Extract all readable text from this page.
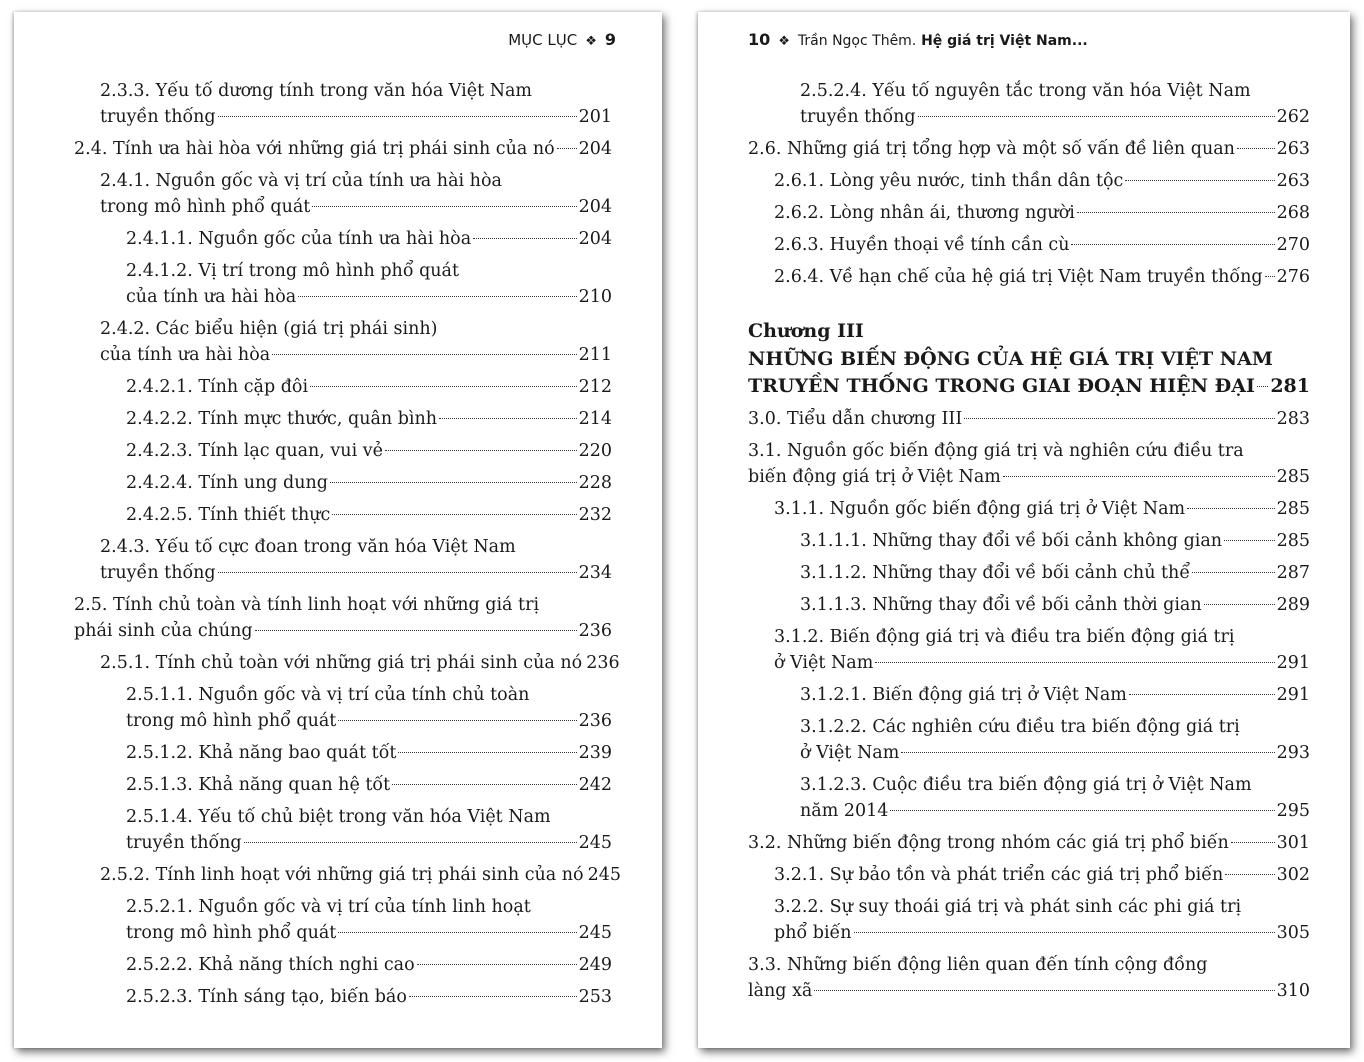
MỤC LỤC ❖ 9
2.3.3. Yếu tố dương tính trong văn hóa Việt Nam
truyền thống	201
2.4. Tính ưa hài hòa với những giá trị phái sinh của nó 204
2.4.1. Nguồn gốc và vị trí của tính ưa hài hòa
trong mô hình phổ quát	204
2.4.1.1. Nguồn gốc của tính ưa hài hòa	204
2.4.1.2. Vị trí trong mô hình phổ quát
của tính ưa hài hòa	210
2.4.2. Các biểu hiện (giá trị phái sinh)
của tính ưa hài hòa	211
2.4.2.1. Tính cặp đôi	212
2.4.2.2. Tính mực thước, quân bình	214
2.4.2.3. Tính lạc quan, vui vẻ	220
2.4.2.4. Tính ung dung	228
2.4.2.5. Tính thiết thực	232
2.4.3. Yếu tố cực đoan trong văn hóa Việt Nam
truyền thống	234
2.5. Tính chủ toàn và tính linh hoạt với những giá trị
phái sinh của chúng	236
2.5.1. Tính chủ toàn với những giá trị phái sinh của nó 236
2.5.1.1. Nguồn gốc và vị trí của tính chủ toàn
trong mô hình phổ quát	236
2.5.1.2. Khả năng bao quát tốt	239
2.5.1.3. Khả năng quan hệ tốt	242
2.5.1.4. Yếu tố chủ biệt trong văn hóa Việt Nam
truyền thống	245
2.5.2. Tính linh hoạt với những giá trị phái sinh của nó 245
2.5.2.1. Nguồn gốc và vị trí của tính linh hoạt
trong mô hình phổ quát	245
2.5.2.2. Khả năng thích nghi cao	249
2.5.2.3. Tính sáng tạo, biến báo	253
10 ❖ Trần Ngọc Thêm. Hệ giá trị Việt Nam...
2.5.2.4. Yếu tố nguyên tắc trong văn hóa Việt Nam
truyền thống	262
2.6. Những giá trị tổng hợp và một số vấn đề liên quan 263
2.6.1. Lòng yêu nước, tinh thần dân tộc	263
2.6.2. Lòng nhân ái, thương người	268
2.6.3. Huyền thoại về tính cần cù	270
2.6.4. Về hạn chế của hệ giá trị Việt Nam truyền thống 276
Chương III
NHỮNG BIẾN ĐỘNG CỦA HỆ GIÁ TRỊ VIỆT NAM
TRUYỀN THỐNG TRONG GIAI ĐOẠN HIỆN ĐẠI 281
3.0. Tiểu dẫn chương III	283
3.1. Nguồn gốc biến động giá trị và nghiên cứu điều tra
biến động giá trị ở Việt Nam	285
3.1.1. Nguồn gốc biến động giá trị ở Việt Nam	285
3.1.1.1. Những thay đổi về bối cảnh không gian	285
3.1.1.2. Những thay đổi về bối cảnh chủ thể	287
3.1.1.3. Những thay đổi về bối cảnh thời gian	289
3.1.2. Biến động giá trị và điều tra biến động giá trị
ở Việt Nam	291
3.1.2.1. Biến động giá trị ở Việt Nam	291
3.1.2.2. Các nghiên cứu điều tra biến động giá trị
ở Việt Nam	293
3.1.2.3. Cuộc điều tra biến động giá trị ở Việt Nam
năm 2014	295
3.2. Những biến động trong nhóm các giá trị phổ biến	301
3.2.1. Sự bảo tồn và phát triển các giá trị phổ biến	302
3.2.2. Sự suy thoái giá trị và phát sinh các phi giá trị
phổ biến	305
3.3. Những biến động liên quan đến tính cộng đồng
làng xã	310
